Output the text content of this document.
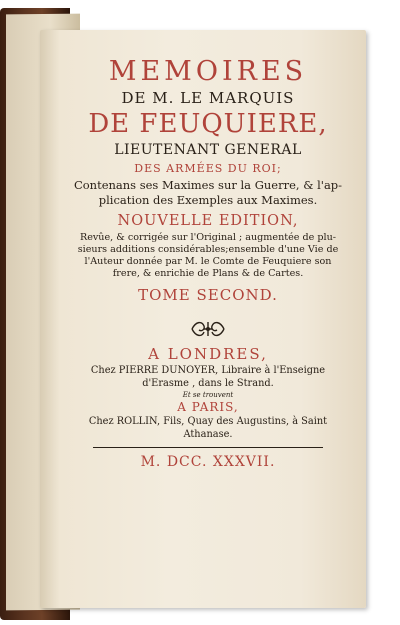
MEMOIRES
DE M. LE MARQUIS
DE FEUQUIERE,
LIEUTENANT GENERAL
DES ARMÉES DU ROI;
Contenans ses Maximes sur la Guerre, & l'ap-
plication des Exemples aux Maximes.
NOUVELLE EDITION,
Revûe, & corrigée sur l'Original ; augmentée de plu-
sieurs additions considérables;ensemble d'une Vie de
l'Auteur donnée par M. le Comte de Feuquiere son
frere, & enrichie de Plans & de Cartes.
TOME SECOND.
A LONDRES,
Chez PIERRE DUNOYER, Libraire à l'Enseigne
d'Erasme , dans le Strand.
Et se trouvent
A PARIS,
Chez ROLLIN, Fils, Quay des Augustins, à Saint
Athanase.
M. DCC. XXXVII.
